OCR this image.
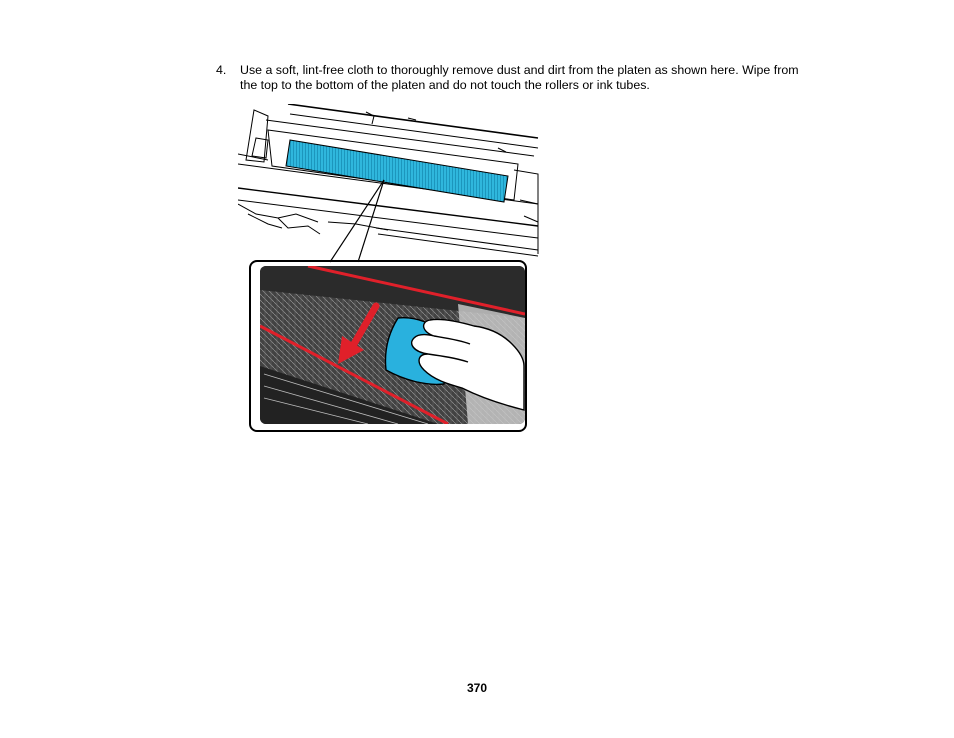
4. Use a soft, lint-free cloth to thoroughly remove dust and dirt from the platen as shown here. Wipe from the top to the bottom of the platen and do not touch the rollers or ink tubes.
370
